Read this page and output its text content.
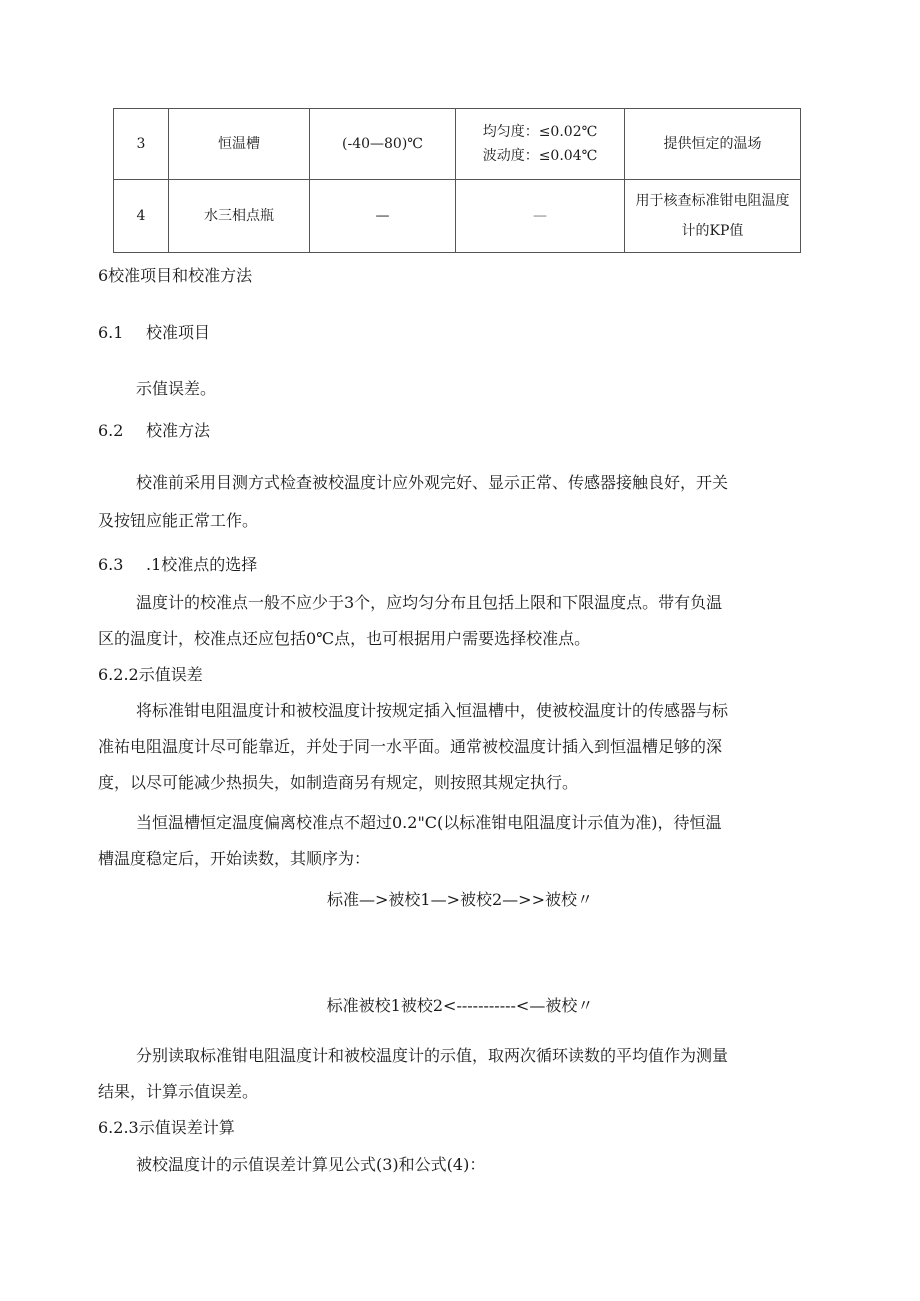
3	恒温槽	(-40—80)℃	均匀度：≤0.02℃
波动度：≤0.04℃	提供恒定的温场

4	水三相点瓶	—	—	用于核查标准钳电阻温度
计的KP值
6校准项目和校准方法
6.1 校准项目
示值误差。
6.2 校准方法
校准前采用目测方式检查被校温度计应外观完好、显示正常、传感器接触良好，开关
及按钮应能正常工作。
6.3 .1校准点的选择
温度计的校准点一般不应少于3个，应均匀分布且包括上限和下限温度点。带有负温
区的温度计，校准点还应包括0℃点，也可根据用户需要选择校准点。
6.2.2示值误差
将标准钳电阻温度计和被校温度计按规定插入恒温槽中，使被校温度计的传感器与标
准祐电阻温度计尽可能靠近，并处于同一水平面。通常被校温度计插入到恒温槽足够的深
度，以尽可能减少热损失，如制造商另有规定，则按照其规定执行。
当恒温槽恒定温度偏离校准点不超过0.2"C(以标准钳电阻温度计示值为准)，待恒温
槽温度稳定后，开始读数，其顺序为：
标准—>被校1—>被校2—>>被校〃
标准被校1被校2<-----------<—被校〃
分别读取标准钳电阻温度计和被校温度计的示值，取两次循环读数的平均值作为测量
结果，计算示值误差。
6.2.3示值误差计算
被校温度计的示值误差计算见公式(3)和公式(4)：
